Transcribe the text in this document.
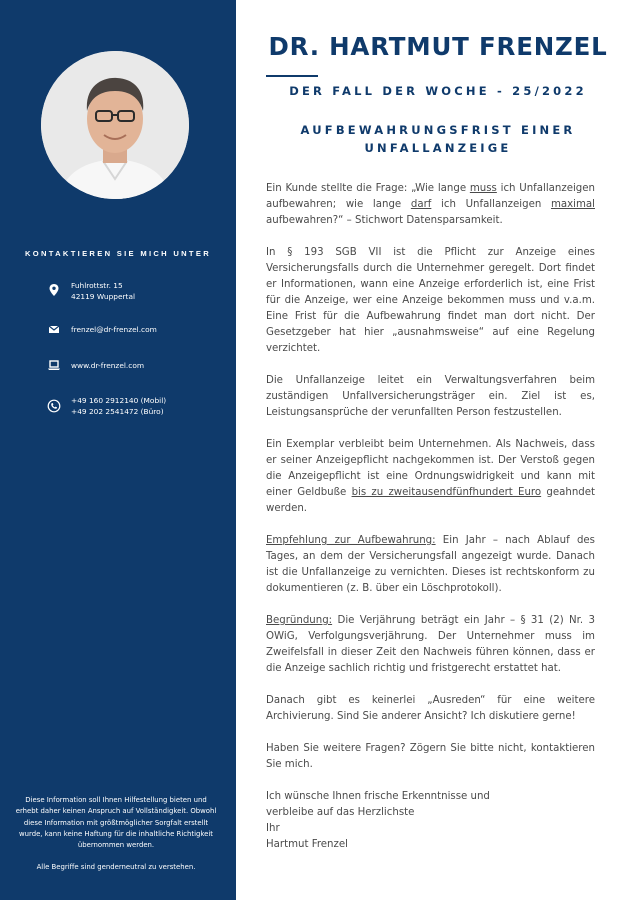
KONTAKTIEREN SIE MICH UNTER
Fuhlrottstr. 15
42119 Wuppertal
frenzel@dr-frenzel.com
www.dr-frenzel.com
+49 160 2912140 (Mobil)
+49 202 2541472 (Büro)

Diese Information soll Ihnen Hilfestellung bieten und erhebt daher keinen Anspruch auf Vollständigkeit. Obwohl diese Information mit größtmöglicher Sorgfalt erstellt wurde, kann keine Haftung für die inhaltliche Richtigkeit übernommen werden.

Alle Begriffe sind genderneutral zu verstehen.

DR. HARTMUT FRENZEL
DER FALL DER WOCHE - 25/2022
AUFBEWAHRUNGSFRIST EINER
UNFALLANZEIGE

Ein Kunde stellte die Frage: „Wie lange muss ich Unfallanzeigen aufbewahren; wie lange darf ich Unfallanzeigen maximal aufbewahren?“ – Stichwort Datensparsamkeit.

In § 193 SGB VII ist die Pflicht zur Anzeige eines Versicherungsfalls durch die Unternehmer geregelt. Dort findet er Informationen, wann eine Anzeige erforderlich ist, eine Frist für die Anzeige, wer eine Anzeige bekommen muss und v.a.m. Eine Frist für die Aufbewahrung findet man dort nicht. Der Gesetzgeber hat hier „ausnahmsweise“ auf eine Regelung verzichtet.

Die Unfallanzeige leitet ein Verwaltungsverfahren beim zuständigen Unfallversicherungsträger ein. Ziel ist es, Leistungsansprüche der verunfallten Person festzustellen.

Ein Exemplar verbleibt beim Unternehmen. Als Nachweis, dass er seiner Anzeigepflicht nachgekommen ist. Der Verstoß gegen die Anzeigepflicht ist eine Ordnungswidrigkeit und kann mit einer Geldbuße bis zu zweitausendfünfhundert Euro geahndet werden.

Empfehlung zur Aufbewahrung: Ein Jahr – nach Ablauf des Tages, an dem der Versicherungsfall angezeigt wurde. Danach ist die Unfallanzeige zu vernichten. Dieses ist rechtskonform zu dokumentieren (z. B. über ein Löschprotokoll).

Begründung: Die Verjährung beträgt ein Jahr – § 31 (2) Nr. 3 OWiG, Verfolgungsverjährung. Der Unternehmer muss im Zweifelsfall in dieser Zeit den Nachweis führen können, dass er die Anzeige sachlich richtig und fristgerecht erstattet hat.

Danach gibt es keinerlei „Ausreden“ für eine weitere Archivierung. Sind Sie anderer Ansicht? Ich diskutiere gerne!

Haben Sie weitere Fragen? Zögern Sie bitte nicht, kontaktieren Sie mich.

Ich wünsche Ihnen frische Erkenntnisse und
verbleibe auf das Herzlichste
Ihr
Hartmut Frenzel
